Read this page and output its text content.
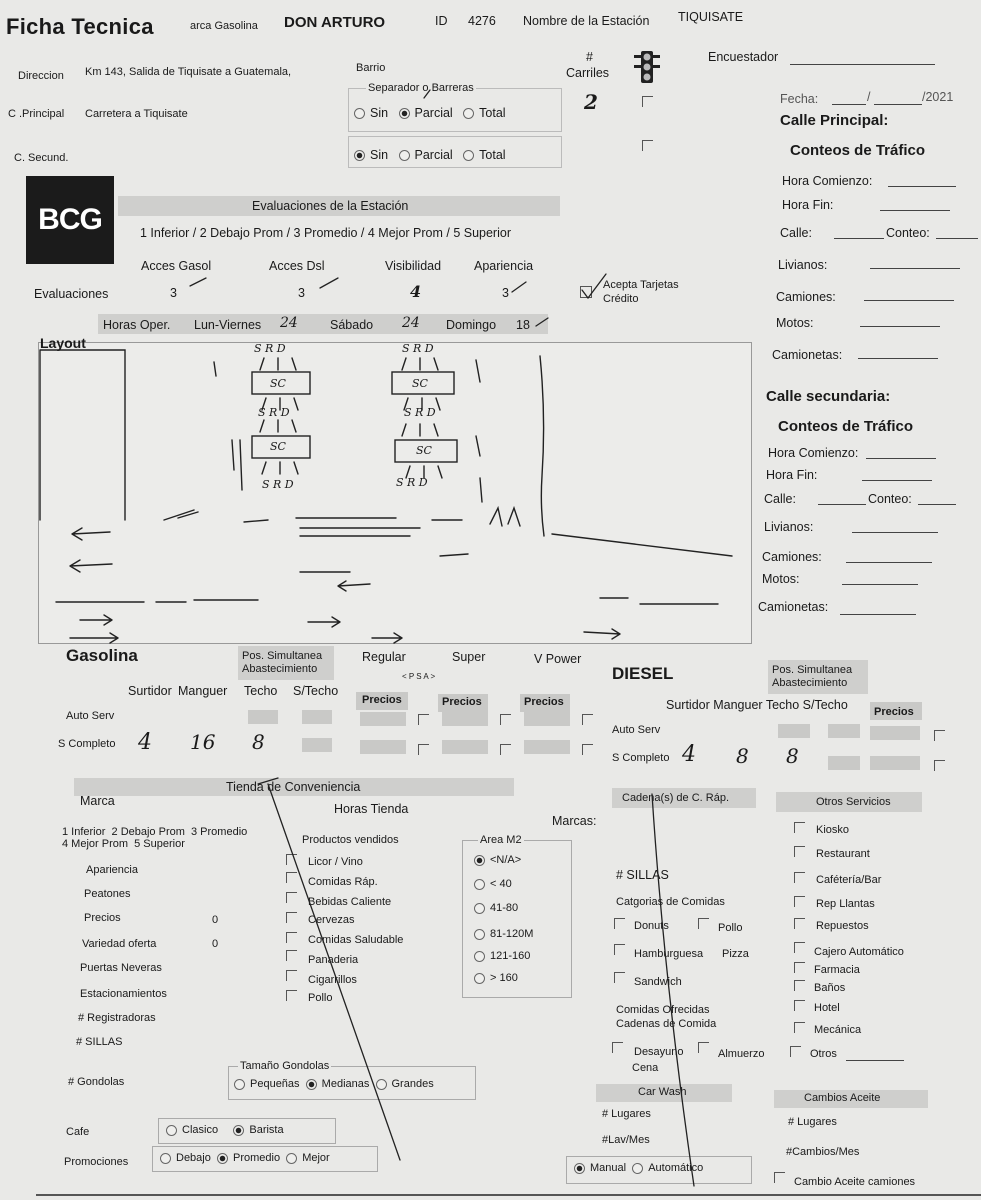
Ficha Tecnica	arca Gasolina DON ARTURO	ID 4276 Nombre de la Estación TIQUISATE
#
Carriles
2
Encuestador
Fecha:	/	/2021
Direccion Km 143, Salida de Tiquisate a Guatemala,	Barrio
C .Principal Carretera a Tiquisate
C. Secund.
Separador o Barreras
Sin Parcial Total
Sin Parcial Total
BCG	Evaluaciones de la Estación
1 Inferior / 2 Debajo Prom / 3 Promedio / 4 Mejor Prom / 5 Superior
Acces Gasol	Acces Dsl	Visibilidad	Apariencia
Evaluaciones	3	3	4	3
Acepta Tarjetas Crédito
Horas Oper. Lun-Viernes 24	Sábado 24 Domingo 18
Layout	S R D
SC
S R D
SC
S R D
S R D
SC
S R D
SC
S R D
Calle Principal:
Conteos de Tráfico
Hora Comienzo:
Hora Fin:
Calle:	Conteo:
Livianos:
Camiones:
Motos:
Camionetas:
Calle secundaria:
Conteos de Tráfico
Hora Comienzo:
Hora Fin:
Calle:	Conteo:
Livianos:
Camiones:
Motos:
Camionetas:
Gasolina	Pos. Simultanea Abastecimiento
Surtidor Manguer Techo S/Techo
Regular	Super	V Power
< P S A >
Precios	Precios	Precios
Auto Serv
S Completo 4 16 8
DIESEL	Pos. Simultanea Abastecimiento
Surtidor Manguer Techo S/Techo Precios
Auto Serv
S Completo 4 8 8
Tienda de Conveniencia
Marca
Horas Tienda
Marcas:
1 Inferior  2 Debajo Prom  3 Promedio
4 Mejor Prom  5 Superior
Apariencia
Peatones
Precios	0
Variedad oferta	0
Puertas Neveras
Estacionamientos
# Registradoras
# SILLAS
Productos vendidos
Licor / Vino
Comidas Ráp.
Bebidas Caliente
Cervezas
Comidas Saludable
Panaderia
Cigarrillos
Pollo
Area M2
<N/A>
< 40
41-80
81-120M
121-160
> 160
# Gondolas
Tamaño Gondolas
Pequeñas Medianas Grandes
Cafe	Clasico	Barista
Promociones	Debajo Promedio Mejor
Cadena(s) de C. Ráp.
# SILLAS
Catgorias de Comidas
Donuts	Pollo
Hamburguesa Pizza
Sandwich
Comidas Ofrecidas
Cadenas de Comida
Desayuno	Almuerzo
Cena
Car Wash
# Lugares
#Lav/Mes
Manual Automático
Otros Servicios
Kiosko
Restaurant
Cafétería/Bar
Rep Llantas
Repuestos
Cajero Automático
Farmacia
Baños
Hotel
Mecánica
Otros
Cambios Aceite
# Lugares
#Cambios/Mes
Cambio Aceite camiones
